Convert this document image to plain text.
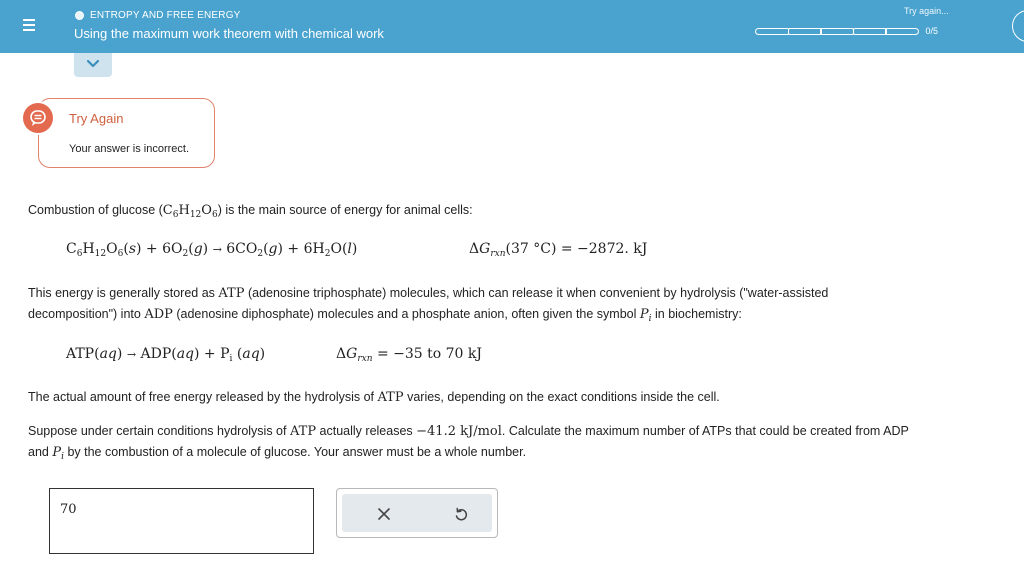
ENTROPY AND FREE ENERGY
Using the maximum work theorem with chemical work
Try again...
0/5
Try Again
Your answer is incorrect.
Combustion of glucose $(C_6H_{12}O_6)$ is the main source of energy for animal cells:
$C_6H_{12}O_6(s) + 6O_2(g) \to 6CO_2(g) + 6H_2O(l)$	$\Delta G_{rxn}(37$ °C) = −2872. kJ
This energy is generally stored as ATP (adenosine triphosphate) molecules, which can release it when convenient by hydrolysis ("water-assisted
decomposition") into ADP (adenosine diphosphate) molecules and a phosphate anion, often given the symbol $P_i$ in biochemistry:
$ATP(aq) \to ADP(aq) + P_i$ (aq)	$\Delta G_{rxn} = -35$ to 70 kJ
The actual amount of free energy released by the hydrolysis of ATP varies, depending on the exact conditions inside the cell.
Suppose under certain conditions hydrolysis of ATP actually releases −41.2 kJ/mol. Calculate the maximum number of ATPs that could be created from ADP
and $P_i$ by the combustion of a molecule of glucose. Your answer must be a whole number.
70
